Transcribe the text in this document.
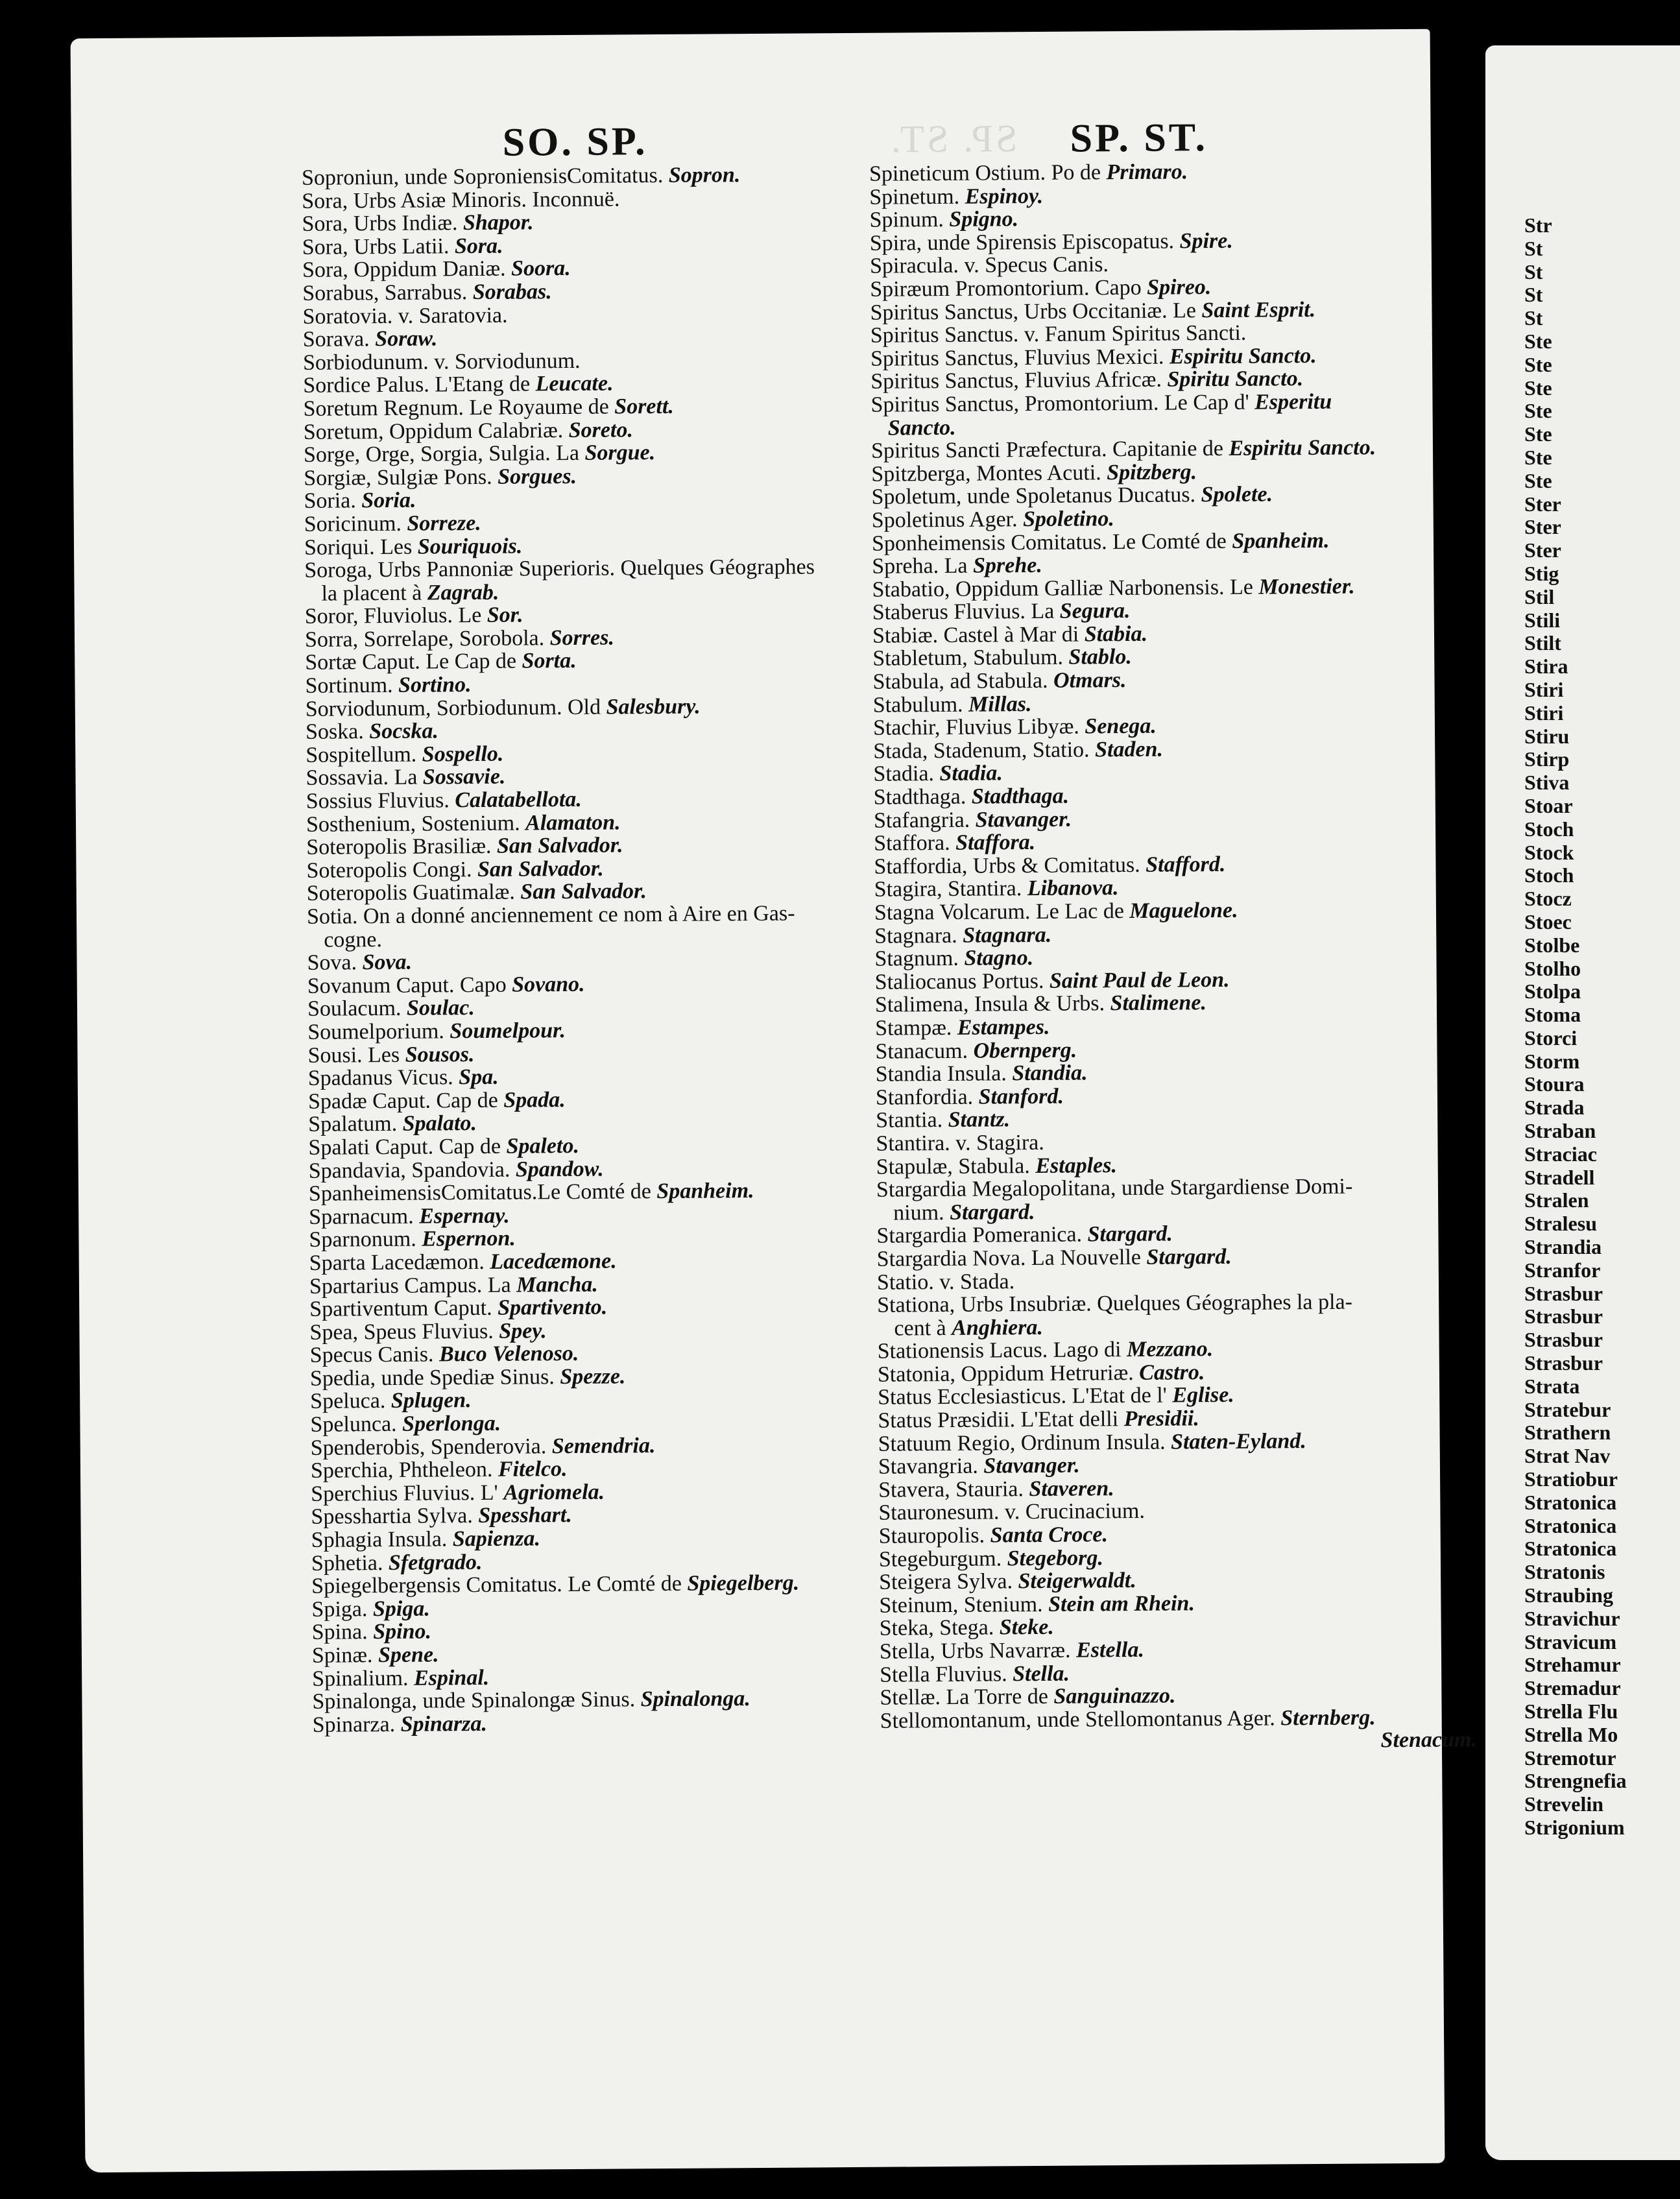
SP. ST.
SO. SP.	SP. ST.
Soproniun, unde SoproniensisComitatus. Sopron.
Sora, Urbs Asiæ Minoris. Inconnuë.
Sora, Urbs Indiæ. Shapor.
Sora, Urbs Latii. Sora.
Sora, Oppidum Daniæ. Soora.
Sorabus, Sarrabus. Sorabas.
Soratovia. v. Saratovia.
Sorava. Soraw.
Sorbiodunum. v. Sorviodunum.
Sordice Palus. L'Etang de Leucate.
Soretum Regnum. Le Royaume de Sorett.
Soretum, Oppidum Calabriæ. Soreto.
Sorge, Orge, Sorgia, Sulgia. La Sorgue.
Sorgiæ, Sulgiæ Pons. Sorgues.
Soria. Soria.
Soricinum. Sorreze.
Soriqui. Les Souriquois.
Soroga, Urbs Pannoniæ Superioris. Quelques Géographes
la placent à Zagrab.
Soror, Fluviolus. Le Sor.
Sorra, Sorrelape, Sorobola. Sorres.
Sortæ Caput. Le Cap de Sorta.
Sortinum. Sortino.
Sorviodunum, Sorbiodunum. Old Salesbury.
Soska. Socska.
Sospitellum. Sospello.
Sossavia. La Sossavie.
Sossius Fluvius. Calatabellota.
Sosthenium, Sostenium. Alamaton.
Soteropolis Brasiliæ. San Salvador.
Soteropolis Congi. San Salvador.
Soteropolis Guatimalæ. San Salvador.
Sotia. On a donné anciennement ce nom à Aire en Gas-
cogne.
Sova. Sova.
Sovanum Caput. Capo Sovano.
Soulacum. Soulac.
Soumelporium. Soumelpour.
Sousi. Les Sousos.
Spadanus Vicus. Spa.
Spadæ Caput. Cap de Spada.
Spalatum. Spalato.
Spalati Caput. Cap de Spaleto.
Spandavia, Spandovia. Spandow.
SpanheimensisComitatus.Le Comté de Spanheim.
Sparnacum. Espernay.
Sparnonum. Espernon.
Sparta Lacedæmon. Lacedæmone.
Spartarius Campus. La Mancha.
Spartiventum Caput. Spartivento.
Spea, Speus Fluvius. Spey.
Specus Canis. Buco Velenoso.
Spedia, unde Spediæ Sinus. Spezze.
Speluca. Splugen.
Spelunca. Sperlonga.
Spenderobis, Spenderovia. Semendria.
Sperchia, Phtheleon. Fitelco.
Sperchius Fluvius. L' Agriomela.
Spesshartia Sylva. Spesshart.
Sphagia Insula. Sapienza.
Sphetia. Sfetgrado.
Spiegelbergensis Comitatus. Le Comté de Spiegelberg.
Spiga. Spiga.
Spina. Spino.
Spinæ. Spene.
Spinalium. Espinal.
Spinalonga, unde Spinalongæ Sinus. Spinalonga.
Spinarza. Spinarza.
Spineticum Ostium. Po de Primaro.
Spinetum. Espinoy.
Spinum. Spigno.
Spira, unde Spirensis Episcopatus. Spire.
Spiracula. v. Specus Canis.
Spiræum Promontorium. Capo Spireo.
Spiritus Sanctus, Urbs Occitaniæ. Le Saint Esprit.
Spiritus Sanctus. v. Fanum Spiritus Sancti.
Spiritus Sanctus, Fluvius Mexici. Espiritu Sancto.
Spiritus Sanctus, Fluvius Africæ. Spiritu Sancto.
Spiritus Sanctus, Promontorium. Le Cap d' Esperitu
Sancto.
Spiritus Sancti Præfectura. Capitanie de Espiritu Sancto.
Spitzberga, Montes Acuti. Spitzberg.
Spoletum, unde Spoletanus Ducatus. Spolete.
Spoletinus Ager. Spoletino.
Sponheimensis Comitatus. Le Comté de Spanheim.
Spreha. La Sprehe.
Stabatio, Oppidum Galliæ Narbonensis. Le Monestier.
Staberus Fluvius. La Segura.
Stabiæ. Castel à Mar di Stabia.
Stabletum, Stabulum. Stablo.
Stabula, ad Stabula. Otmars.
Stabulum. Millas.
Stachir, Fluvius Libyæ. Senega.
Stada, Stadenum, Statio. Staden.
Stadia. Stadia.
Stadthaga. Stadthaga.
Stafangria. Stavanger.
Staffora. Staffora.
Staffordia, Urbs & Comitatus. Stafford.
Stagira, Stantira. Libanova.
Stagna Volcarum. Le Lac de Maguelone.
Stagnara. Stagnara.
Stagnum. Stagno.
Staliocanus Portus. Saint Paul de Leon.
Stalimena, Insula & Urbs. Stalimene.
Stampæ. Estampes.
Stanacum. Obernperg.
Standia Insula. Standia.
Stanfordia. Stanford.
Stantia. Stantz.
Stantira. v. Stagira.
Stapulæ, Stabula. Estaples.
Stargardia Megalopolitana, unde Stargardiense Domi-
nium. Stargard.
Stargardia Pomeranica. Stargard.
Stargardia Nova. La Nouvelle Stargard.
Statio. v. Stada.
Stationa, Urbs Insubriæ. Quelques Géographes la pla-
cent à Anghiera.
Stationensis Lacus. Lago di Mezzano.
Statonia, Oppidum Hetruriæ. Castro.
Status Ecclesiasticus. L'Etat de l' Eglise.
Status Præsidii. L'Etat delli Presidii.
Statuum Regio, Ordinum Insula. Staten-Eyland.
Stavangria. Stavanger.
Stavera, Stauria. Staveren.
Stauronesum. v. Crucinacium.
Stauropolis. Santa Croce.
Stegeburgum. Stegeborg.
Steigera Sylva. Steigerwaldt.
Steinum, Stenium. Stein am Rhein.
Steka, Stega. Steke.
Stella, Urbs Navarræ. Estella.
Stella Fluvius. Stella.
Stellæ. La Torre de Sanguinazzo.
Stellomontanum, unde Stellomontanus Ager. Sternberg.
Stenacum.
Str
St
St
St
St
Ste
Ste
Ste
Ste
Ste
Ste
Ste
Ster
Ster
Ster
Stig
Stil
Stili
Stilt
Stira
Stiri
Stiri
Stiru
Stirp
Stiva
Stoar
Stoch
Stock
Stoch
Stocz
Stoec
Stolbe
Stolho
Stolpa
Stoma
Storci
Storm
Stoura
Strada
Straban
Straciac
Stradell
Stralen
Stralesu
Strandia
Stranfor
Strasbur
Strasbur
Strasbur
Strasbur
Strata
Stratebur
Strathern
Strat Nav
Stratiobur
Stratonica
Stratonica
Stratonica
Stratonis
Straubing
Stravichur
Stravicum
Strehamur
Stremadur
Strella Flu
Strella Mo
Stremotur
Strengnefia
Strevelin
Strigonium
